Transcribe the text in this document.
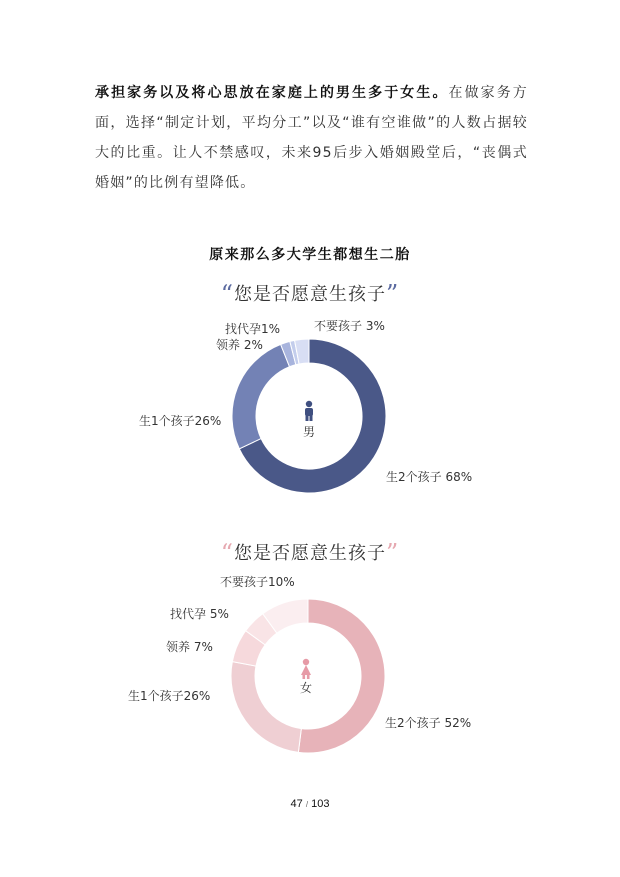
承担家务以及将心思放在家庭上的男生多于女生。在做家务方面，选择“制定计划，平均分工”以及“谁有空谁做”的人数占据较大的比重。让人不禁感叹，未来95后步入婚姻殿堂后，“丧偶式婚姻”的比例有望降低。

原来那么多大学生都想生二胎
“您是否愿意生孩子”
“您是否愿意生孩子”
男
生2个孩子 68%
生1个孩子26%
领养 2%
找代孕1%	不要孩子 3%
女
生2个孩子 52%
生1个孩子26%
领养 7%
找代孕 5%
不要孩子10%
47 / 103
